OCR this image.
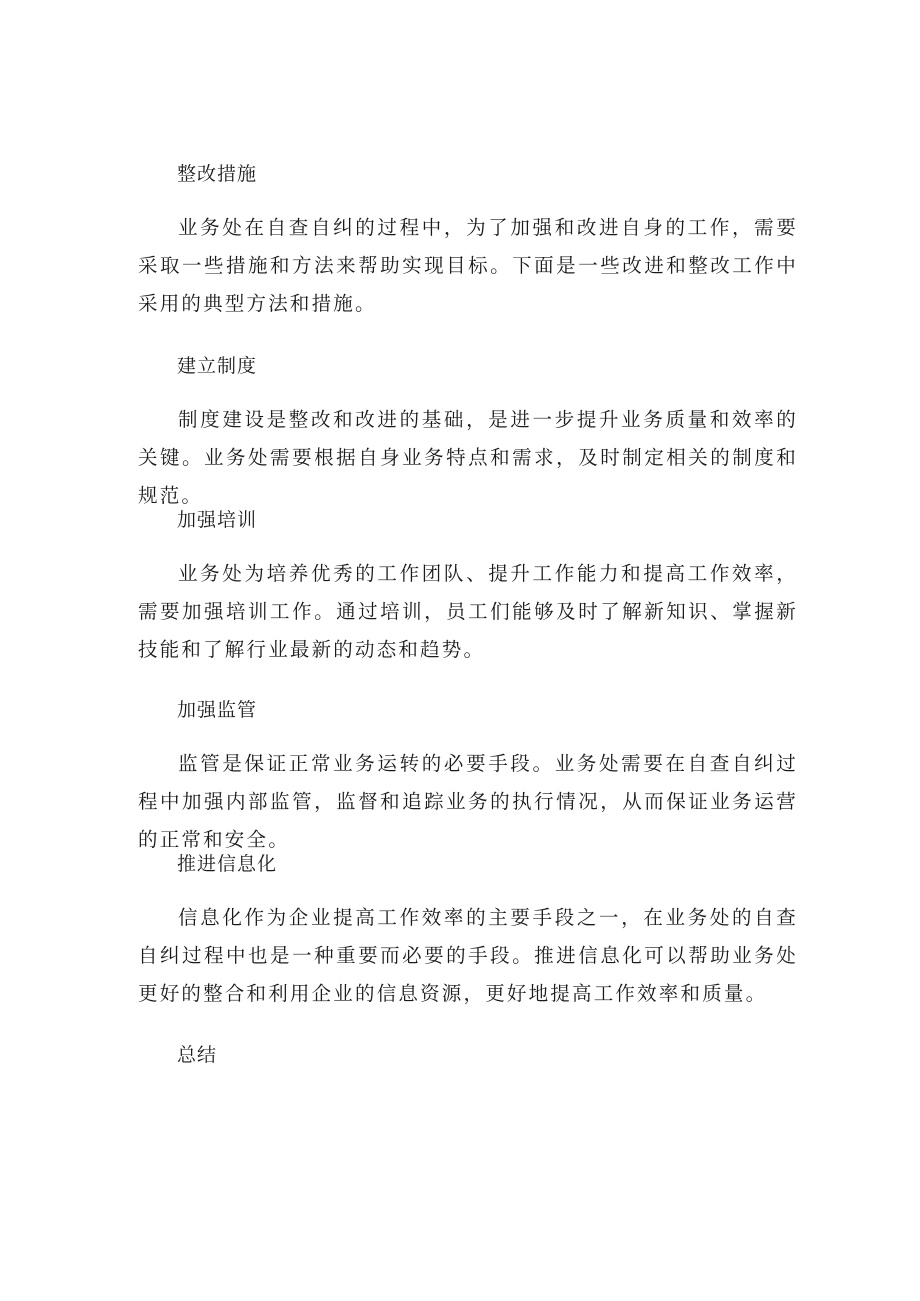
整改措施

业务处在自查自纠的过程中，为了加强和改进自身的工作，需要采取一些措施和方法来帮助实现目标。下面是一些改进和整改工作中采用的典型方法和措施。

建立制度

制度建设是整改和改进的基础，是进一步提升业务质量和效率的关键。业务处需要根据自身业务特点和需求，及时制定相关的制度和规范。

加强培训

业务处为培养优秀的工作团队、提升工作能力和提高工作效率，需要加强培训工作。通过培训，员工们能够及时了解新知识、掌握新技能和了解行业最新的动态和趋势。

加强监管

监管是保证正常业务运转的必要手段。业务处需要在自查自纠过程中加强内部监管，监督和追踪业务的执行情况，从而保证业务运营的正常和安全。

推进信息化

信息化作为企业提高工作效率的主要手段之一，在业务处的自查自纠过程中也是一种重要而必要的手段。推进信息化可以帮助业务处更好的整合和利用企业的信息资源，更好地提高工作效率和质量。

总结
